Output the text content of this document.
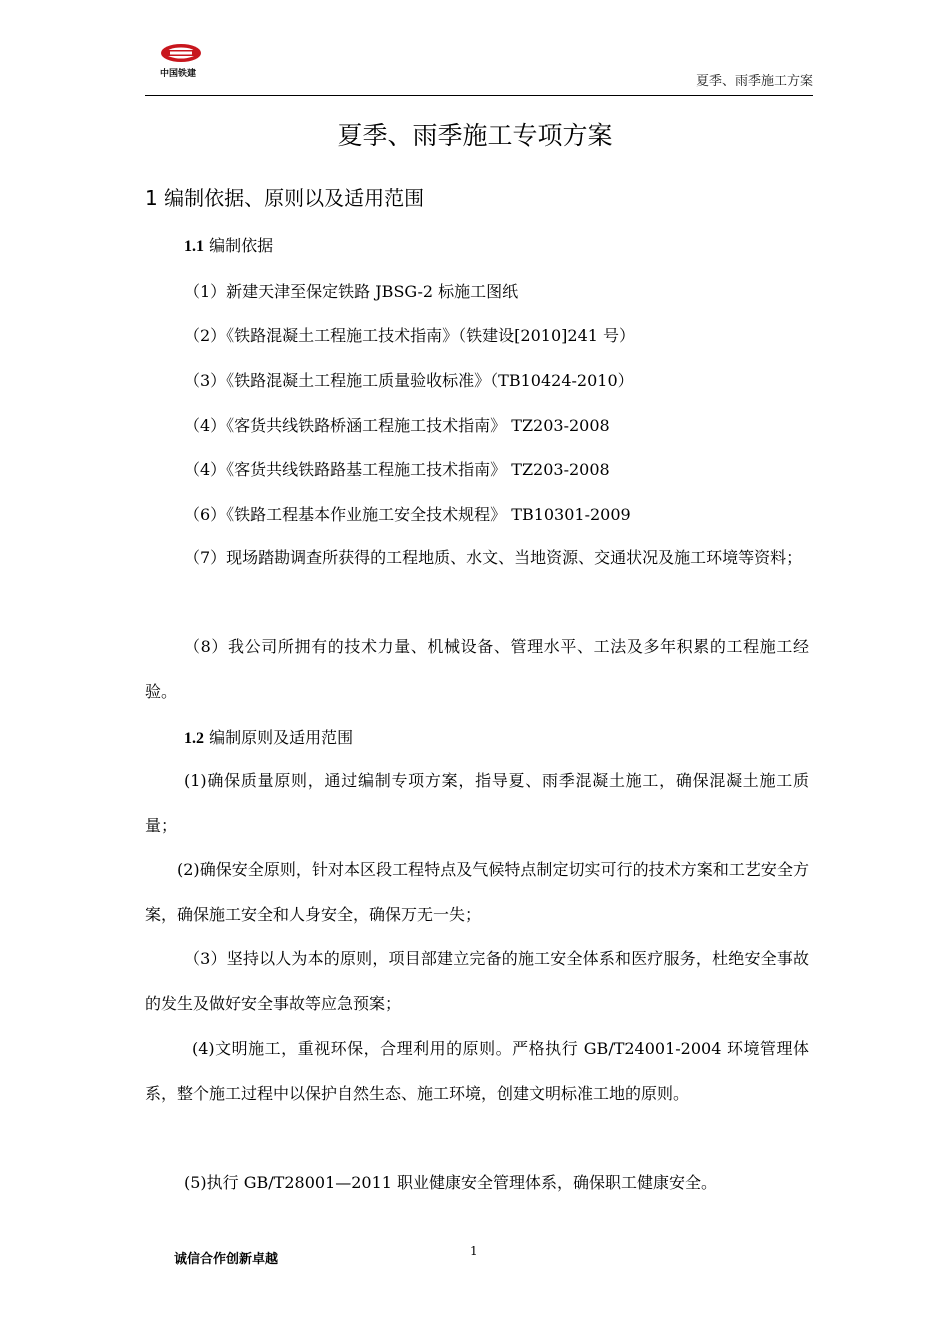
中国铁建	夏季、雨季施工方案
夏季、雨季施工专项方案
1 编制依据、原则以及适用范围
1.1 编制依据
（1）新建天津至保定铁路 JBSG-2 标施工图纸
（2）《铁路混凝土工程施工技术指南》（铁建设[2010]241 号）
（3）《铁路混凝土工程施工质量验收标准》（TB10424-2010）
（4）《客货共线铁路桥涵工程施工技术指南》 TZ203-2008
（4）《客货共线铁路路基工程施工技术指南》 TZ203-2008
（6）《铁路工程基本作业施工安全技术规程》 TB10301-2009
（7）现场踏勘调查所获得的工程地质、水文、当地资源、交通状况及施工环境等资料；
（8）我公司所拥有的技术力量、机械设备、管理水平、工法及多年积累的工程施工经验。
1.2 编制原则及适用范围
(1)确保质量原则，通过编制专项方案，指导夏、雨季混凝土施工，确保混凝土施工质量；
(2)确保安全原则，针对本区段工程特点及气候特点制定切实可行的技术方案和工艺安全方案，确保施工安全和人身安全，确保万无一失；
（3）坚持以人为本的原则，项目部建立完备的施工安全体系和医疗服务，杜绝安全事故的发生及做好安全事故等应急预案；
(4)文明施工，重视环保，合理利用的原则。严格执行 GB/T24001-2004 环境管理体系，整个施工过程中以保护自然生态、施工环境，创建文明标准工地的原则。
(5)执行 GB/T28001—2011 职业健康安全管理体系，确保职工健康安全。
1
诚信合作创新卓越
